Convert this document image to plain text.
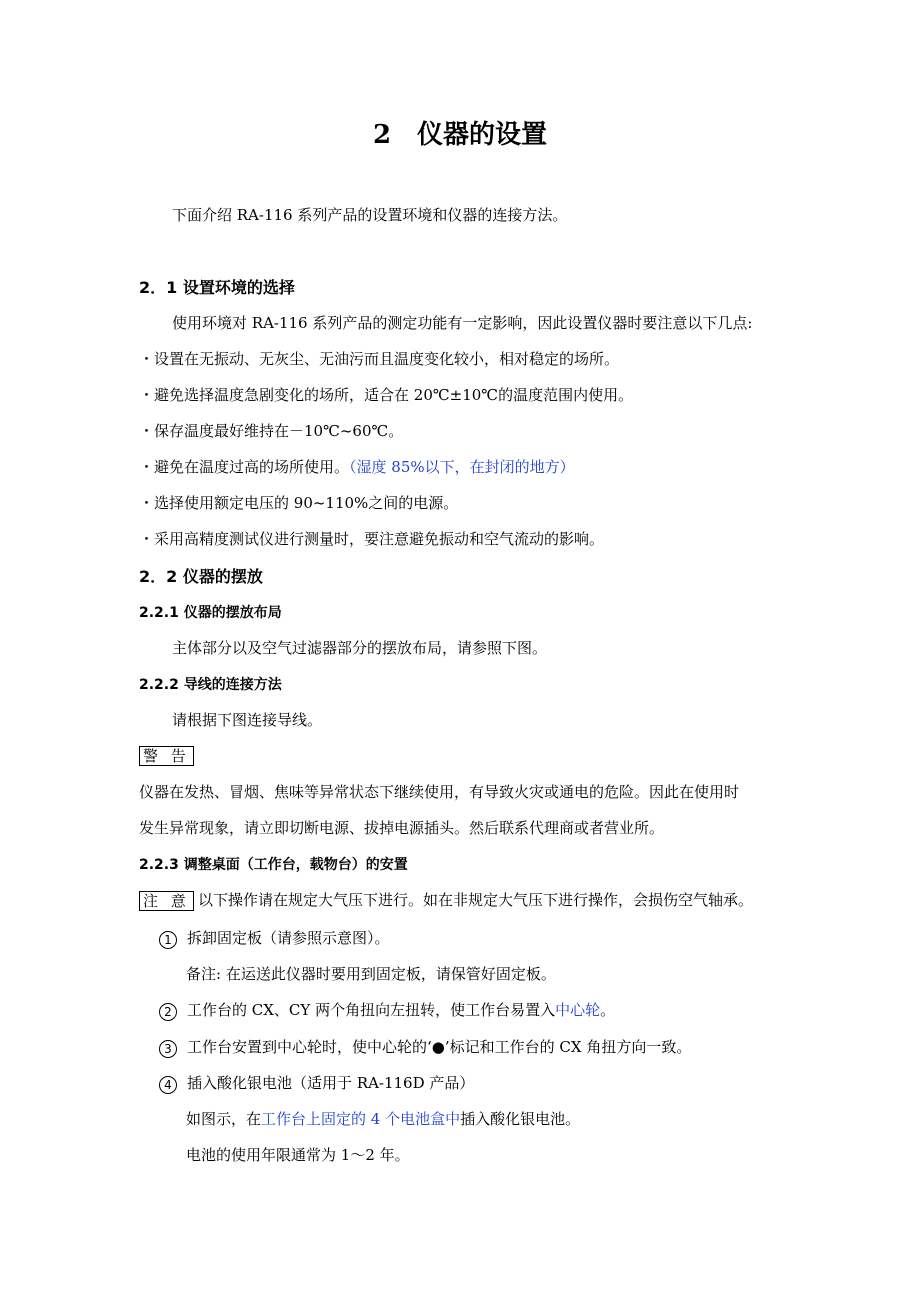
2　仪器的设置
下面介绍 RA-116 系列产品的设置环境和仪器的连接方法。
2．1 设置环境的选择
使用环境对 RA-116 系列产品的测定功能有一定影响，因此设置仪器时要注意以下几点:
・设置在无振动、无灰尘、无油污而且温度变化较小，相对稳定的场所。
・避免选择温度急剧变化的场所，适合在 20℃±10℃的温度范围内使用。
・保存温度最好维持在－10℃~60℃。
・避免在温度过高的场所使用。（湿度 85%以下，在封闭的地方）
・选择使用额定电压的 90~110%之间的电源。
・采用高精度测试仪进行测量时，要注意避免振动和空气流动的影响。
2．2 仪器的摆放
2.2.1 仪器的摆放布局
主体部分以及空气过滤器部分的摆放布局，请参照下图。
2.2.2 导线的连接方法
请根据下图连接导线。
警 告
仪器在发热、冒烟、焦味等异常状态下继续使用，有导致火灾或通电的危险。因此在使用时
发生异常现象，请立即切断电源、拔掉电源插头。然后联系代理商或者营业所。
2.2.3 调整桌面（工作台，载物台）的安置
注 意 以下操作请在规定大气压下进行。如在非规定大气压下进行操作，会损伤空气轴承。
1 拆卸固定板（请参照示意图）。
备注: 在运送此仪器时要用到固定板，请保管好固定板。
2 工作台的 CX、CY 两个角扭向左扭转，使工作台易置入中心轮。
3 工作台安置到中心轮时，使中心轮的‘●’标记和工作台的 CX 角扭方向一致。
4 插入酸化银电池（适用于 RA-116D 产品）
如图示，在工作台上固定的 4 个电池盒中插入酸化银电池。
电池的使用年限通常为 1～2 年。
